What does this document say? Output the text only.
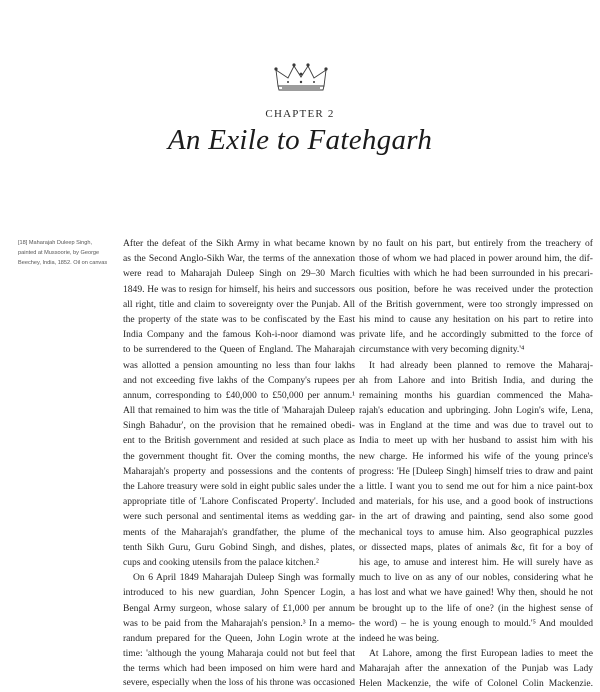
CHAPTER 2
An Exile to Fatehgarh
[18] Maharajah Duleep Singh,
painted at Mussoorie, by George
Beechey, India, 1852. Oil on canvas
After the defeat of the Sikh Army in what became known
as the Second Anglo-Sikh War, the terms of the annexation
were read to Maharajah Duleep Singh on 29–30 March
1849. He was to resign for himself, his heirs and successors
all right, title and claim to sovereignty over the Punjab. All
the property of the state was to be confiscated by the East
India Company and the famous Koh-i-noor diamond was
to be surrendered to the Queen of England. The Maharajah
was allotted a pension amounting no less than four lakhs
and not exceeding five lakhs of the Company's rupees per
annum, corresponding to £40,000 to £50,000 per annum.¹
All that remained to him was the title of 'Maharajah Duleep
Singh Bahadur', on the provision that he remained obedi-
ent to the British government and resided at such place as
the government thought fit. Over the coming months, the
Maharajah's property and possessions and the contents of
the Lahore treasury were sold in eight public sales under the
appropriate title of 'Lahore Confiscated Property'. Included
were such personal and sentimental items as wedding gar-
ments of the Maharajah's grandfather, the plume of the
tenth Sikh Guru, Guru Gobind Singh, and dishes, plates,
cups and cooking utensils from the palace kitchen.²
On 6 April 1849 Maharajah Duleep Singh was formally
introduced to his new guardian, John Spencer Login, a
Bengal Army surgeon, whose salary of £1,000 per annum
was to be paid from the Maharajah's pension.³ In a memo-
randum prepared for the Queen, John Login wrote at the
time: 'although the young Maharaja could not but feel that
the terms which had been imposed on him were hard and
severe, especially when the loss of his throne was occasioned
by no fault on his part, but entirely from the treachery of
those of whom we had placed in power around him, the dif-
ficulties with which he had been surrounded in his precari-
ous position, before he was received under the protection
of the British government, were too strongly impressed on
his mind to cause any hesitation on his part to retire into
private life, and he accordingly submitted to the force of
circumstance with very becoming dignity.'⁴
It had already been planned to remove the Maharaj-
ah from Lahore and into British India, and during the
remaining months his guardian commenced the Maha-
rajah's education and upbringing. John Login's wife, Lena,
was in England at the time and was due to travel out to
India to meet up with her husband to assist him with his
new charge. He informed his wife of the young prince's
progress: 'He [Duleep Singh] himself tries to draw and paint
a little. I want you to send me out for him a nice paint-box
and materials, for his use, and a good book of instructions
in the art of drawing and painting, send also some good
mechanical toys to amuse him. Also geographical puzzles
or dissected maps, plates of animals &c, fit for a boy of
his age, to amuse and interest him. He will surely have as
much to live on as any of our nobles, considering what he
has lost and what we have gained! Why then, should he not
be brought up to the life of one? (in the highest sense of
the word) – he is young enough to mould.'⁵ And moulded
indeed he was being.
At Lahore, among the first European ladies to meet the
Maharajah after the annexation of the Punjab was Lady
Helen Mackenzie, the wife of Colonel Colin Mackenzie.
